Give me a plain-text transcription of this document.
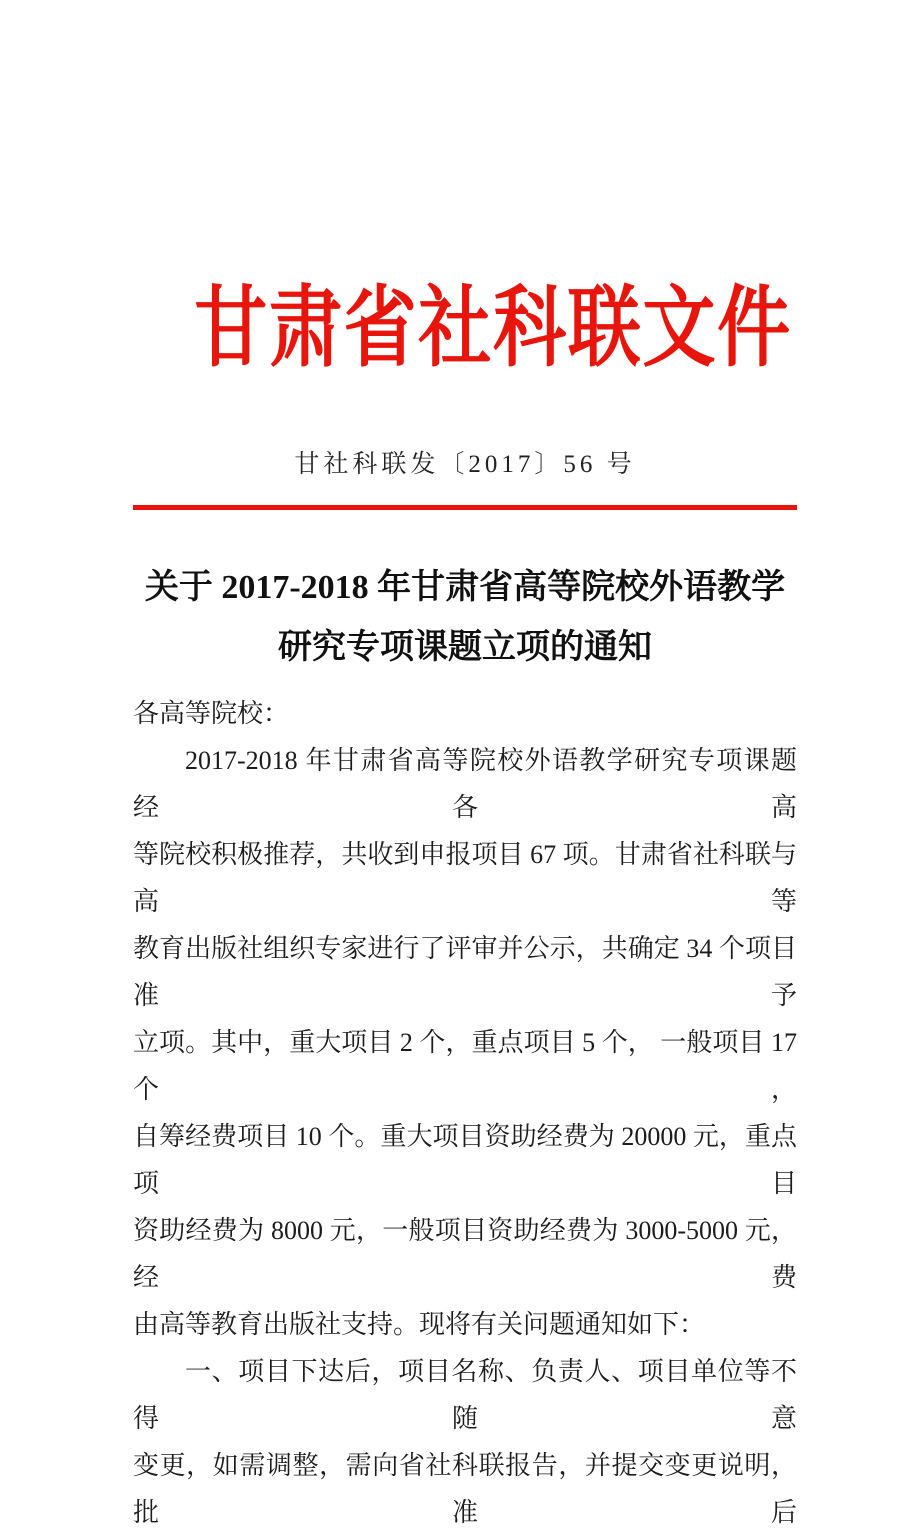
甘肃省社科联文件
甘社科联发〔2017〕56 号
关于 2017-2018 年甘肃省高等院校外语教学
研究专项课题立项的通知
各高等院校：
2017-2018 年甘肃省高等院校外语教学研究专项课题经各高
等院校积极推荐，共收到申报项目 67 项。甘肃省社科联与高等
教育出版社组织专家进行了评审并公示，共确定 34 个项目准予
立项。其中，重大项目 2 个，重点项目 5 个， 一般项目 17 个，
自筹经费项目 10 个。重大项目资助经费为 20000 元，重点项目
资助经费为 8000 元，一般项目资助经费为 3000-5000 元，经费
由高等教育出版社支持。现将有关问题通知如下：
一、项目下达后，项目名称、负责人、项目单位等不得随意
变更，如需调整，需向省社科联报告，并提交变更说明，批准后
